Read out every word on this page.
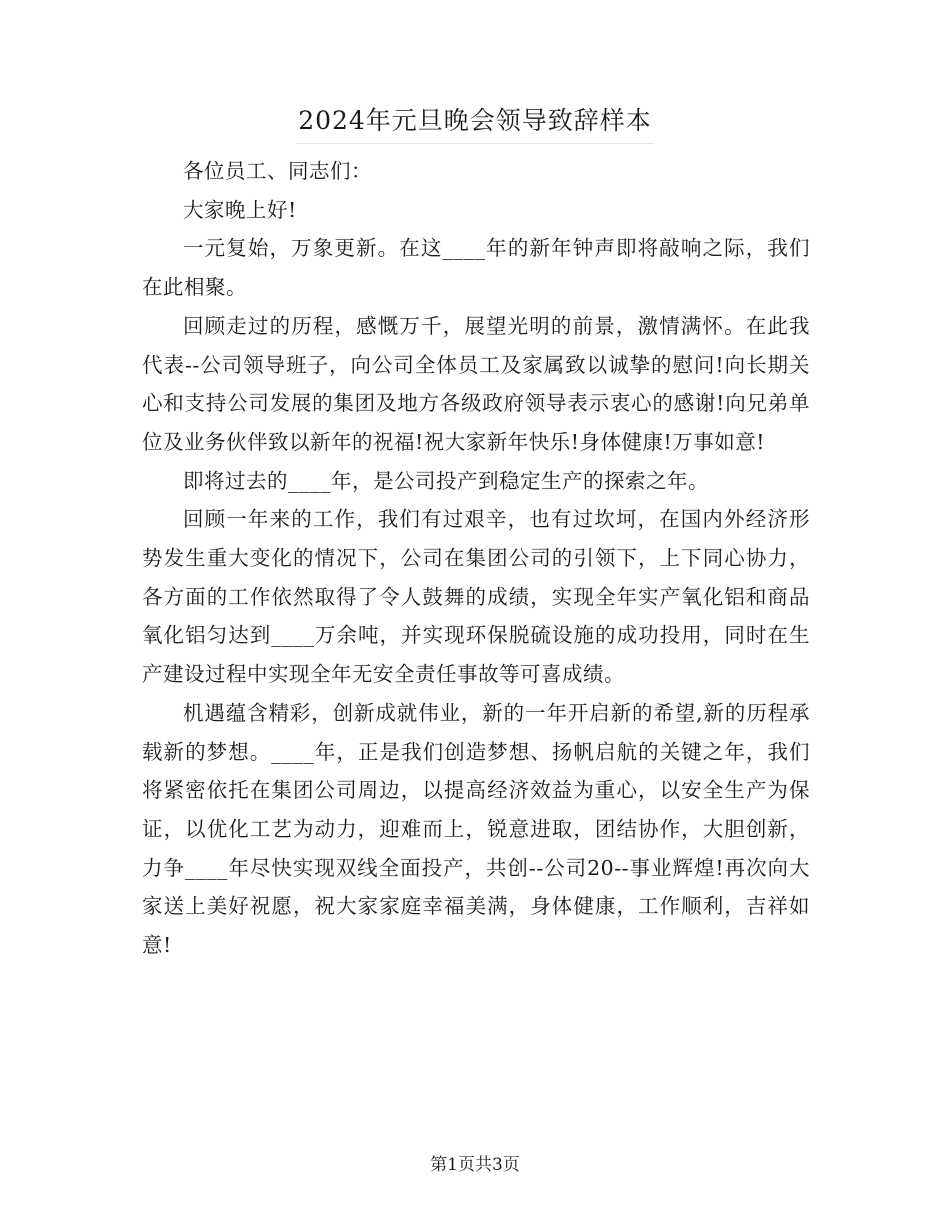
2024年元旦晚会领导致辞样本

各位员工、同志们：

大家晚上好!

一元复始，万象更新。在这____年的新年钟声即将敲响之际，我们在此相聚。

回顾走过的历程，感慨万千，展望光明的前景，激情满怀。在此我代表--公司领导班子，向公司全体员工及家属致以诚挚的慰问!向长期关心和支持公司发展的集团及地方各级政府领导表示衷心的感谢!向兄弟单位及业务伙伴致以新年的祝福!祝大家新年快乐!身体健康!万事如意!

即将过去的____年，是公司投产到稳定生产的探索之年。

回顾一年来的工作，我们有过艰辛，也有过坎坷，在国内外经济形势发生重大变化的情况下，公司在集团公司的引领下，上下同心协力，各方面的工作依然取得了令人鼓舞的成绩，实现全年实产氧化铝和商品氧化铝匀达到____万余吨，并实现环保脱硫设施的成功投用，同时在生产建设过程中实现全年无安全责任事故等可喜成绩。

机遇蕴含精彩，创新成就伟业，新的一年开启新的希望,新的历程承载新的梦想。____年，正是我们创造梦想、扬帆启航的关键之年，我们将紧密依托在集团公司周边，以提高经济效益为重心，以安全生产为保证，以优化工艺为动力，迎难而上，锐意进取，团结协作，大胆创新，力争____年尽快实现双线全面投产，共创--公司20--事业辉煌!再次向大家送上美好祝愿，祝大家家庭幸福美满，身体健康，工作顺利，吉祥如意!

第1页共3页
